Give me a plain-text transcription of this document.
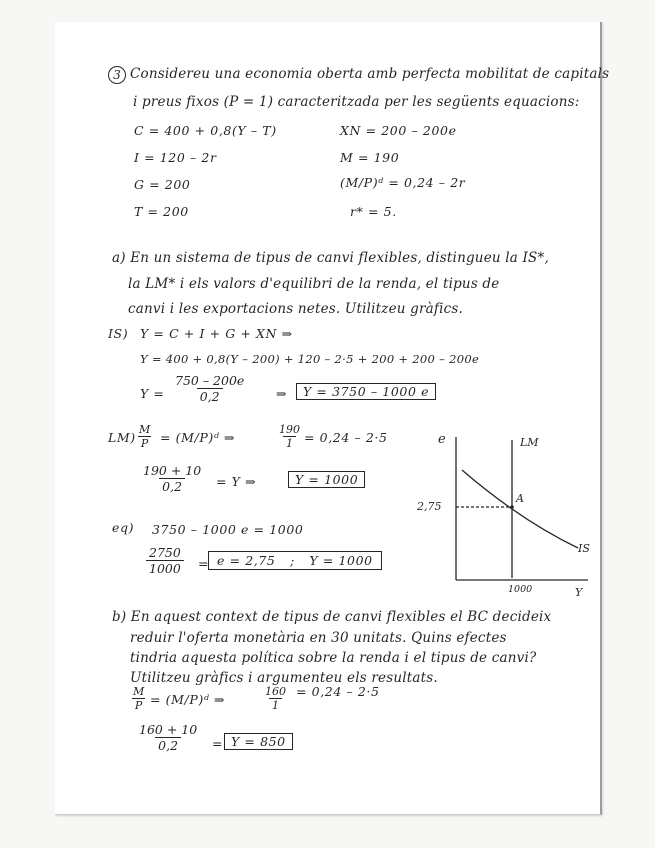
3 Considereu una economia oberta amb perfecta mobilitat de capitals
i preus fixos (P = 1) caracteritzada per les següents equacions:
C = 400 + 0,8(Y – T)
I = 120 – 2r
G = 200
T = 200
XN = 200 – 200e
M = 190
(M/P)ᵈ = 0,24 – 2r
r* = 5.
a) En un sistema de tipus de canvi flexibles, distingueu la IS*,
la LM* i els valors d'equilibri de la renda, el tipus de
canvi i les exportacions netes. Utilitzeu gràfics.
IS) Y = C + I + G + XN ⇒
Y = 400 + 0,8(Y – 200) + 120 – 2·5 + 200 + 200 – 200e
$Y = \frac{750 - 200e}{0,2}$ ⇒	Y = 3750 – 1000 e
$LM) \frac{M}{P}$ = (M/P)ᵈ ⇒	$\frac{190}{1} = 0,24 - 2\cdot 5$
$\frac{190 + 10}{0,2} = Y$ ⇒	Y = 1000
eq) 3750 – 1000 e = 1000
$\frac{2750}{1000} = e = 2,75$ ; Y = 1000
e	LM
2,75
A
IS
1000	Y
b) En aquest context de tipus de canvi flexibles el BC decideix
reduir l'oferta monetària en 30 unitats. Quins efectes
tindria aquesta política sobre la renda i el tipus de canvi?
Utilitzeu gràfics i argumenteu els resultats.
$\frac{M}{P}$ = (M/P)ᵈ ⇒	$\frac{160}{1} = 0,24 - 2\cdot 5$
$\frac{160 + 10}{0,2} = Y = 850$
